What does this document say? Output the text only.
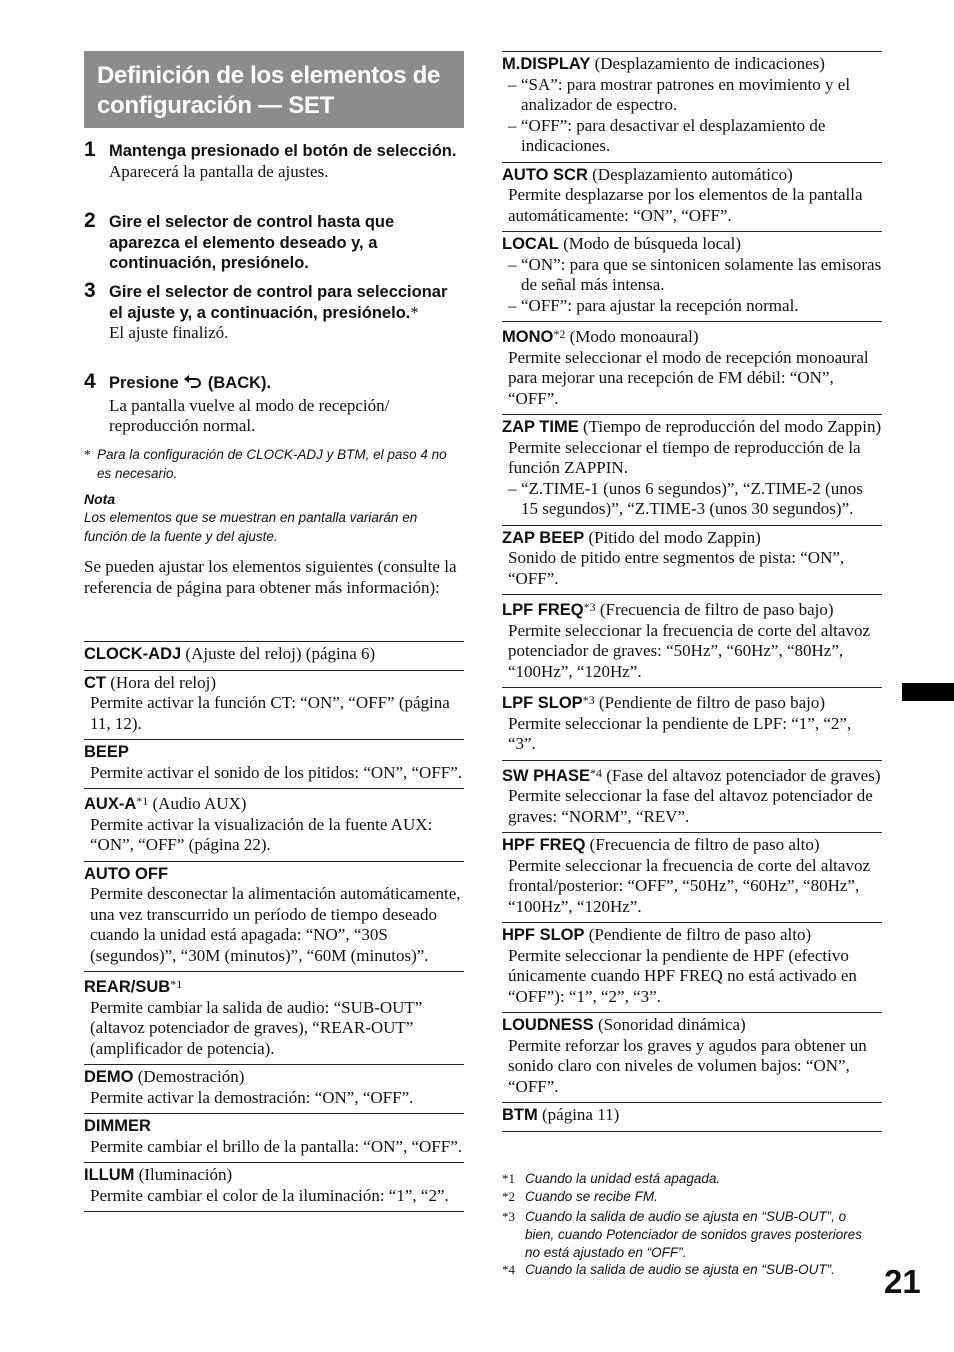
Definición de los elementos de
configuración — SET
1 Mantenga presionado el botón de selección.
Aparecerá la pantalla de ajustes.
2 Gire el selector de control hasta que aparezca el elemento deseado y, a continuación, presiónelo.
3 Gire el selector de control para seleccionar el ajuste y, a continuación, presiónelo.*
El ajuste finalizó.
4 Presione (BACK).
La pantalla vuelve al modo de recepción/ reproducción normal.
* Para la configuración de CLOCK-ADJ y BTM, el paso 4 no es necesario.
Nota
Los elementos que se muestran en pantalla variarán en función de la fuente y del ajuste.
Se pueden ajustar los elementos siguientes (consulte la referencia de página para obtener más información):
CLOCK-ADJ (Ajuste del reloj) (página 6)
CT (Hora del reloj)
Permite activar la función CT: “ON”, “OFF” (página 11, 12).
BEEP
Permite activar el sonido de los pitidos: “ON”, “OFF”.
AUX-$A^{*1}$ (Audio AUX)
Permite activar la visualización de la fuente AUX: “ON”, “OFF” (página 22).
AUTO OFF
Permite desconectar la alimentación automáticamente, una vez transcurrido un período de tiempo deseado cuando la unidad está apagada: “NO”, “30S (segundos)”, “30M (minutos)”, “60M (minutos)”.
REAR/SUB$^{*1}$
Permite cambiar la salida de audio: “SUB-OUT” (altavoz potenciador de graves), “REAR-OUT” (amplificador de potencia).
DEMO (Demostración)
Permite activar la demostración: “ON”, “OFF”.
DIMMER
Permite cambiar el brillo de la pantalla: “ON”, “OFF”.
ILLUM (Iluminación)
Permite cambiar el color de la iluminación: “1”, “2”.
M.DISPLAY (Desplazamiento de indicaciones)
– “SA”: para mostrar patrones en movimiento y el analizador de espectro.
– “OFF”: para desactivar el desplazamiento de indicaciones.
AUTO SCR (Desplazamiento automático)
Permite desplazarse por los elementos de la pantalla automáticamente: “ON”, “OFF”.
LOCAL (Modo de búsqueda local)
– “ON”: para que se sintonicen solamente las emisoras de señal más intensa.
– “OFF”: para ajustar la recepción normal.
MONO$^{*2}$ (Modo monoaural)
Permite seleccionar el modo de recepción monoaural para mejorar una recepción de FM débil: “ON”, “OFF”.
ZAP TIME (Tiempo de reproducción del modo Zappin)
Permite seleccionar el tiempo de reproducción de la función ZAPPIN.
– “Z.TIME-1 (unos 6 segundos)”, “Z.TIME-2 (unos 15 segundos)”, “Z.TIME-3 (unos 30 segundos)”.
ZAP BEEP (Pitido del modo Zappin)
Sonido de pitido entre segmentos de pista: “ON”, “OFF”.
LPF FREQ$^{*3}$ (Frecuencia de filtro de paso bajo)
Permite seleccionar la frecuencia de corte del altavoz potenciador de graves: “50Hz”, “60Hz”, “80Hz”, “100Hz”, “120Hz”.
LPF SLOP$^{*3}$ (Pendiente de filtro de paso bajo)
Permite seleccionar la pendiente de LPF: “1”, “2”, “3”.
SW PHASE$^{*4}$ (Fase del altavoz potenciador de graves)
Permite seleccionar la fase del altavoz potenciador de graves: “NORM”, “REV”.
HPF FREQ (Frecuencia de filtro de paso alto)
Permite seleccionar la frecuencia de corte del altavoz frontal/posterior: “OFF”, “50Hz”, “60Hz”, “80Hz”, “100Hz”, “120Hz”.
HPF SLOP (Pendiente de filtro de paso alto)
Permite seleccionar la pendiente de HPF (efectivo únicamente cuando HPF FREQ no está activado en “OFF”): “1”, “2”, “3”.
LOUDNESS (Sonoridad dinámica)
Permite reforzar los graves y agudos para obtener un sonido claro con niveles de volumen bajos: “ON”, “OFF”.
BTM (página 11)
*1 Cuando la unidad está apagada.
*2 Cuando se recibe FM.
*3 Cuando la salida de audio se ajusta en “SUB-OUT”, o bien, cuando Potenciador de sonidos graves posteriores no está ajustado en “OFF”.
*4 Cuando la salida de audio se ajusta en “SUB-OUT”.	21
